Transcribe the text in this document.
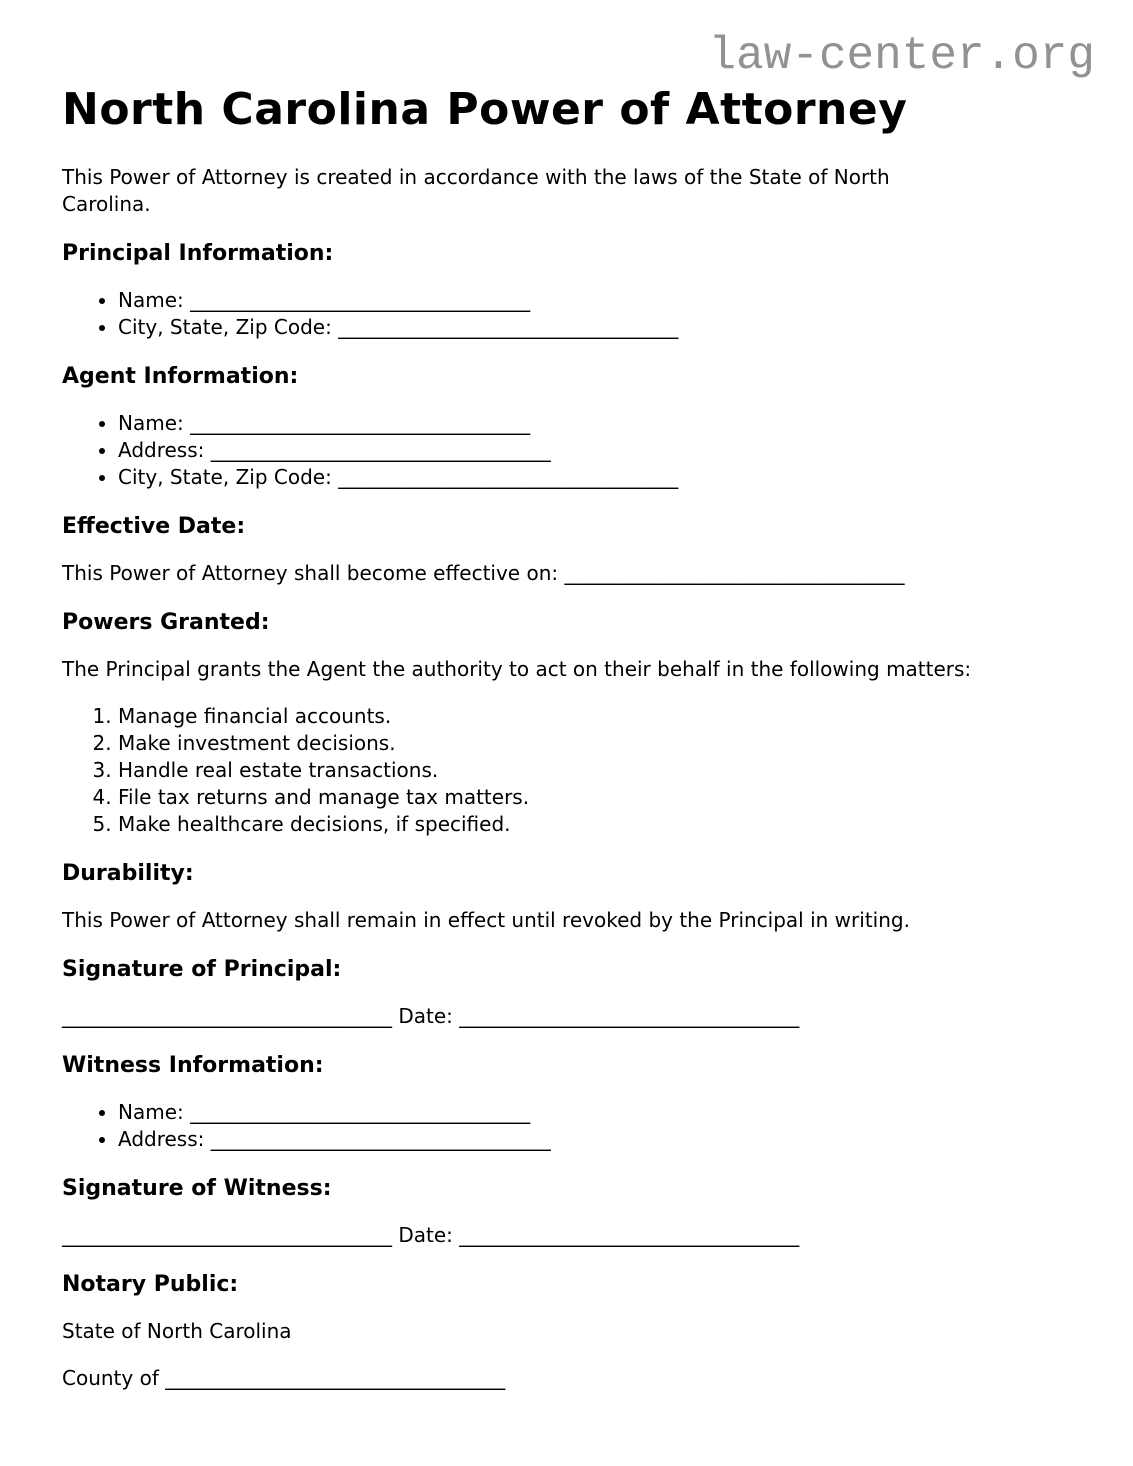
law-center.org
North Carolina Power of Attorney

This Power of Attorney is created in accordance with the laws of the State of North
Carolina.

Principal Information:
• Name: __________________________________
• City, State, Zip Code: __________________________________
Agent Information:
• Name: __________________________________
• Address: __________________________________
• City, State, Zip Code: __________________________________
Effective Date:

This Power of Attorney shall become effective on: __________________________________

Powers Granted:

The Principal grants the Agent the authority to act on their behalf in the following matters:

1. Manage financial accounts.
2. Make investment decisions.
3. Handle real estate transactions.
4. File tax returns and manage tax matters.
5. Make healthcare decisions, if specified.
Durability:

This Power of Attorney shall remain in effect until revoked by the Principal in writing.

Signature of Principal:

_________________________________ Date: __________________________________

Witness Information:
• Name: __________________________________
• Address: __________________________________
Signature of Witness:

_________________________________ Date: __________________________________

Notary Public:

State of North Carolina

County of __________________________________
